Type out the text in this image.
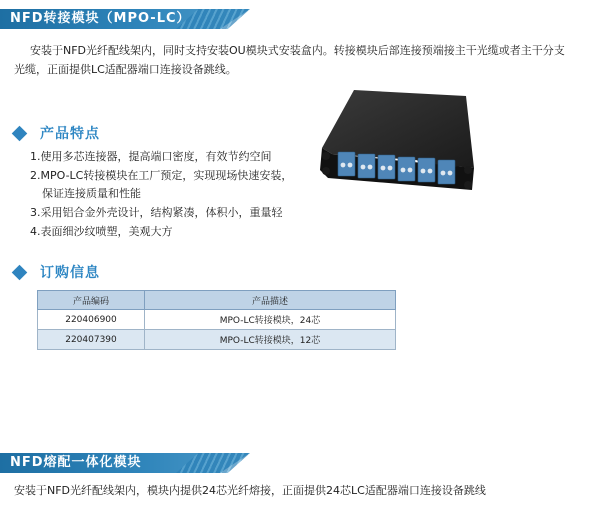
NFD转接模块（MPO-LC）
安装于NFD光纤配线架内，同时支持安装OU模块式安装盒内。转接模块后部连接预端接主干光缆或者主干分支
光缆，正面提供LC适配器端口连接设备跳线。
产品特点
1.使用多芯连接器，提高端口密度，有效节约空间
2.MPO-LC转接模块在工厂预定，实现现场快速安装，
保证连接质量和性能
3.采用铝合金外壳设计，结构紧凑，体积小，重量轻
4.表面细沙纹喷塑，美观大方
订购信息
产品编码	产品描述
220406900	MPO-LC转接模块，24芯
220407390	MPO-LC转接模块，12芯
NFD熔配一体化模块
安装于NFD光纤配线架内，模块内提供24芯光纤熔接，正面提供24芯LC适配器端口连接设备跳线
